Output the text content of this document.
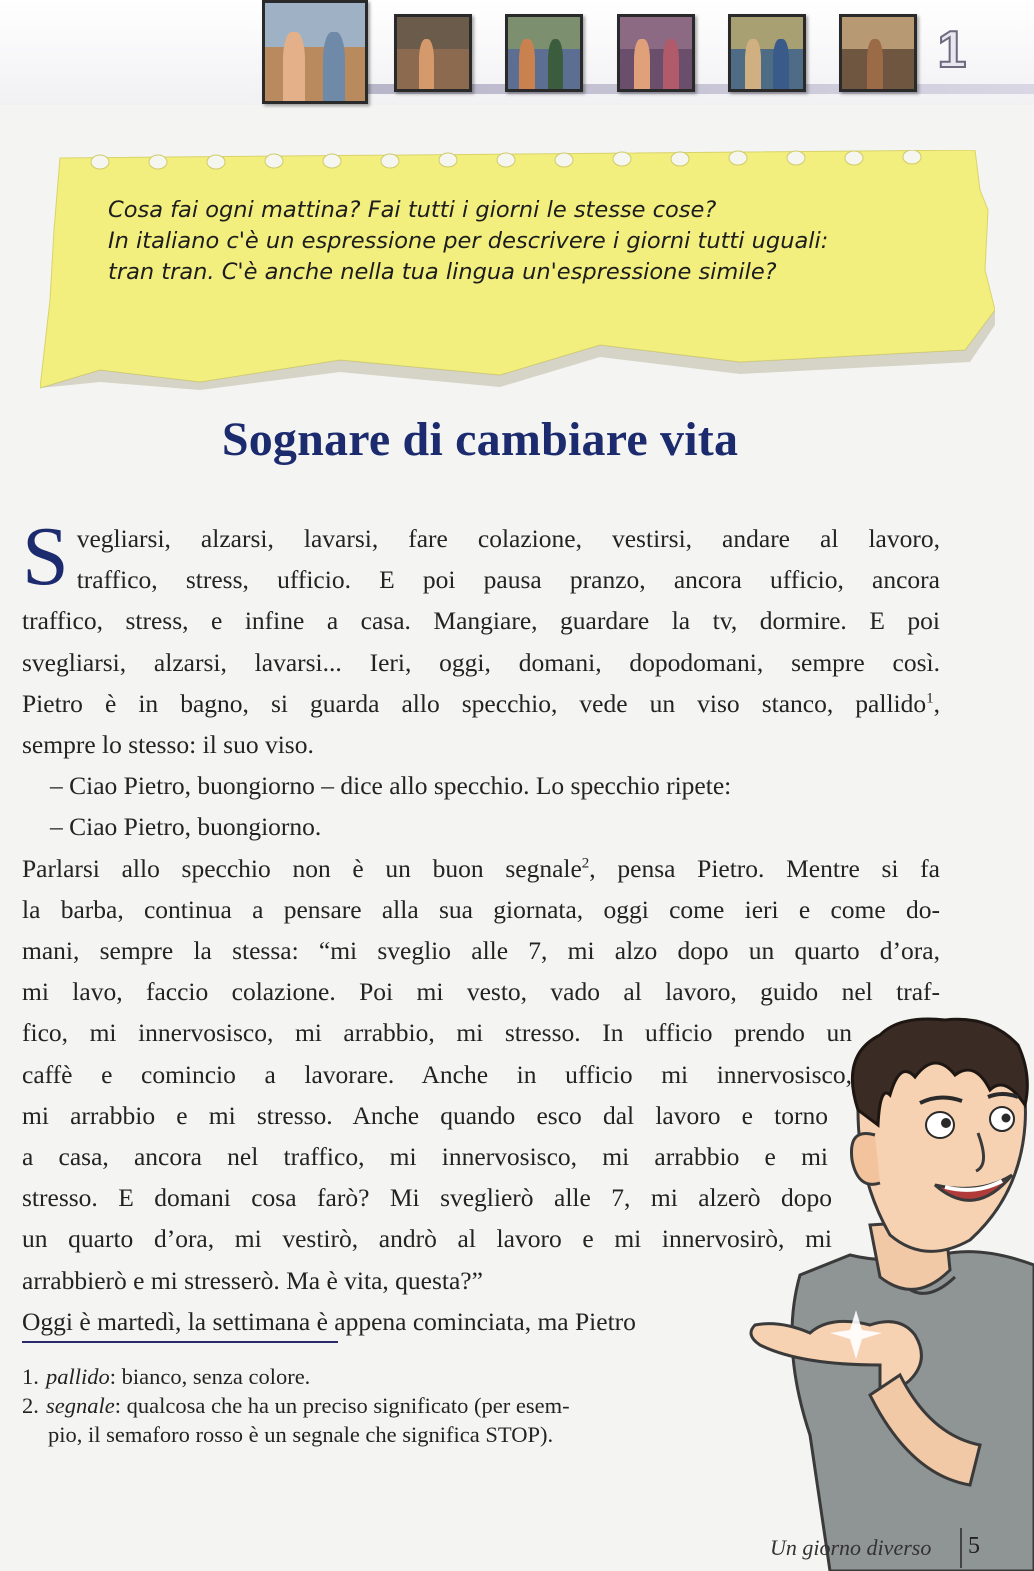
1
Cosa fai ogni mattina? Fai tutti i giorni le stesse cose?
In italiano c'è un espressione per descrivere i giorni tutti uguali:
tran tran. C'è anche nella tua lingua un'espressione simile?
Sognare di cambiare vita
S vegliarsi, alzarsi, lavarsi, fare colazione, vestirsi, andare al lavoro,
traffico, stress, ufficio. E poi pausa pranzo, ancora ufficio, ancora
traffico, stress, e infine a casa. Mangiare, guardare la tv, dormire. E poi
svegliarsi, alzarsi, lavarsi... Ieri, oggi, domani, dopodomani, sempre così.
Pietro è in bagno, si guarda allo specchio, vede un viso stanco, pallido$^1$,
sempre lo stesso: il suo viso.
– Ciao Pietro, buongiorno – dice allo specchio. Lo specchio ripete:
– Ciao Pietro, buongiorno.
Parlarsi allo specchio non è un buon segnale$^2$, pensa Pietro. Mentre si fa
la barba, continua a pensare alla sua giornata, oggi come ieri e come do-
mani, sempre la stessa: “mi sveglio alle 7, mi alzo dopo un quarto d’ora,
mi lavo, faccio colazione. Poi mi vesto, vado al lavoro, guido nel traf-
fico, mi innervosisco, mi arrabbio, mi stresso. In ufficio prendo un
caffè e comincio a lavorare. Anche in ufficio mi innervosisco,
mi arrabbio e mi stresso. Anche quando esco dal lavoro e torno
a casa, ancora nel traffico, mi innervosisco, mi arrabbio e mi
stresso. E domani cosa farò? Mi sveglierò alle 7, mi alzerò dopo
un quarto d’ora, mi vestirò, andrò al lavoro e mi innervosirò, mi
arrabbierò e mi stresserò. Ma è vita, questa?”
Oggi è martedì, la settimana è appena cominciata, ma Pietro
1. pallido: bianco, senza colore.
2. segnale: qualcosa che ha un preciso significato (per esem-
pio, il semaforo rosso è un segnale che significa STOP).
Un giorno diverso 5
